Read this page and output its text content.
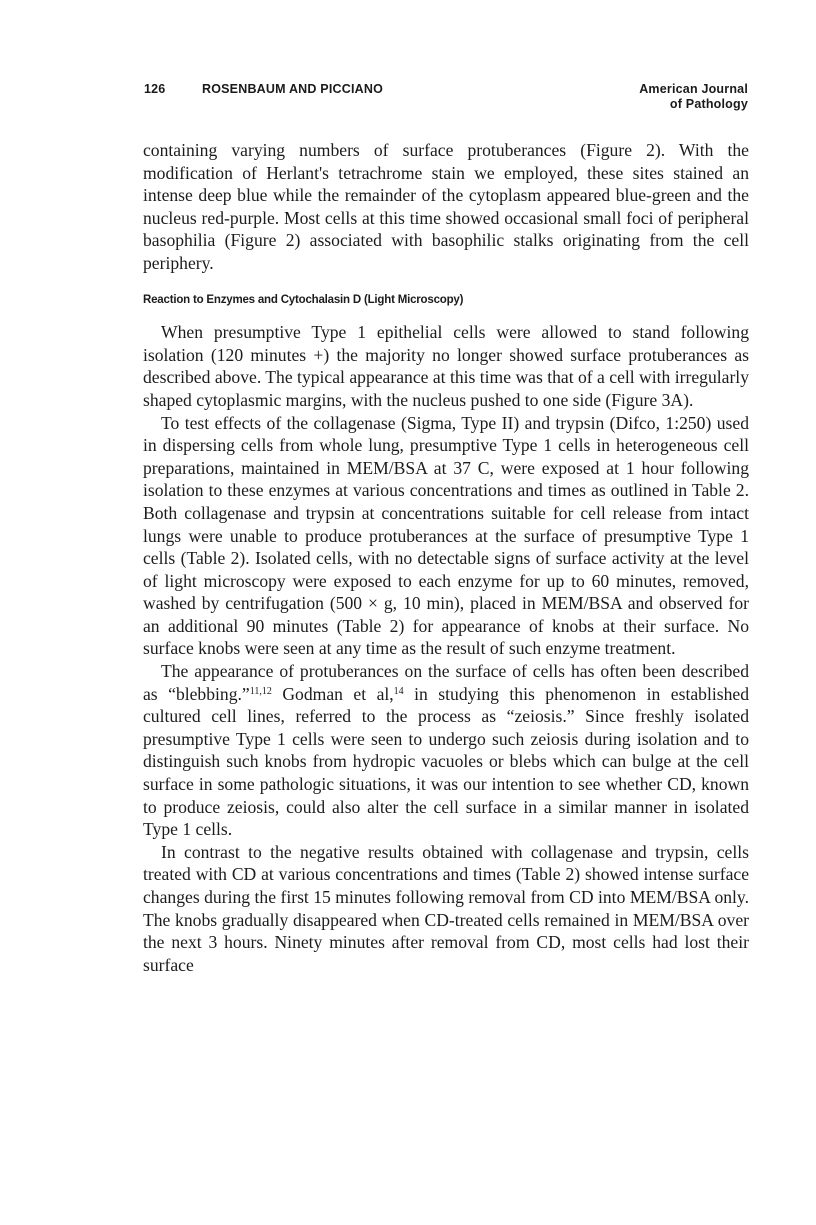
126	ROSENBAUM AND PICCIANO	American Journal
of Pathology

containing varying numbers of surface protuberances (Figure 2). With the modification of Herlant's tetrachrome stain we employed, these sites stained an intense deep blue while the remainder of the cytoplasm appeared blue-green and the nucleus red-purple. Most cells at this time showed occasional small foci of peripheral basophilia (Figure 2) associated with basophilic stalks originating from the cell periphery.

Reaction to Enzymes and Cytochalasin D (Light Microscopy)

When presumptive Type 1 epithelial cells were allowed to stand following isolation (120 minutes +) the majority no longer showed surface protuberances as described above. The typical appearance at this time was that of a cell with irregularly shaped cytoplasmic margins, with the nucleus pushed to one side (Figure 3A).

To test effects of the collagenase (Sigma, Type II) and trypsin (Difco, 1:250) used in dispersing cells from whole lung, presumptive Type 1 cells in heterogeneous cell preparations, maintained in MEM/BSA at 37 C, were exposed at 1 hour following isolation to these enzymes at various concentrations and times as outlined in Table 2. Both collagenase and trypsin at concentrations suitable for cell release from intact lungs were unable to produce protuberances at the surface of presumptive Type 1 cells (Table 2). Isolated cells, with no detectable signs of surface activity at the level of light microscopy were exposed to each enzyme for up to 60 minutes, removed, washed by centrifugation (500 × g, 10 min), placed in MEM/BSA and observed for an additional 90 minutes (Table 2) for appearance of knobs at their surface. No surface knobs were seen at any time as the result of such enzyme treatment.

The appearance of protuberances on the surface of cells has often been described as “blebbing.”$^{11,12}$ Godman et al,$^{14}$ in studying this phenomenon in established cultured cell lines, referred to the process as “zeiosis.” Since freshly isolated presumptive Type 1 cells were seen to undergo such zeiosis during isolation and to distinguish such knobs from hydropic vacuoles or blebs which can bulge at the cell surface in some pathologic situations, it was our intention to see whether CD, known to produce zeiosis, could also alter the cell surface in a similar manner in isolated Type 1 cells.

In contrast to the negative results obtained with collagenase and trypsin, cells treated with CD at various concentrations and times (Table 2) showed intense surface changes during the first 15 minutes following removal from CD into MEM/BSA only. The knobs gradually disappeared when CD-treated cells remained in MEM/BSA over the next 3 hours. Ninety minutes after removal from CD, most cells had lost their surface
